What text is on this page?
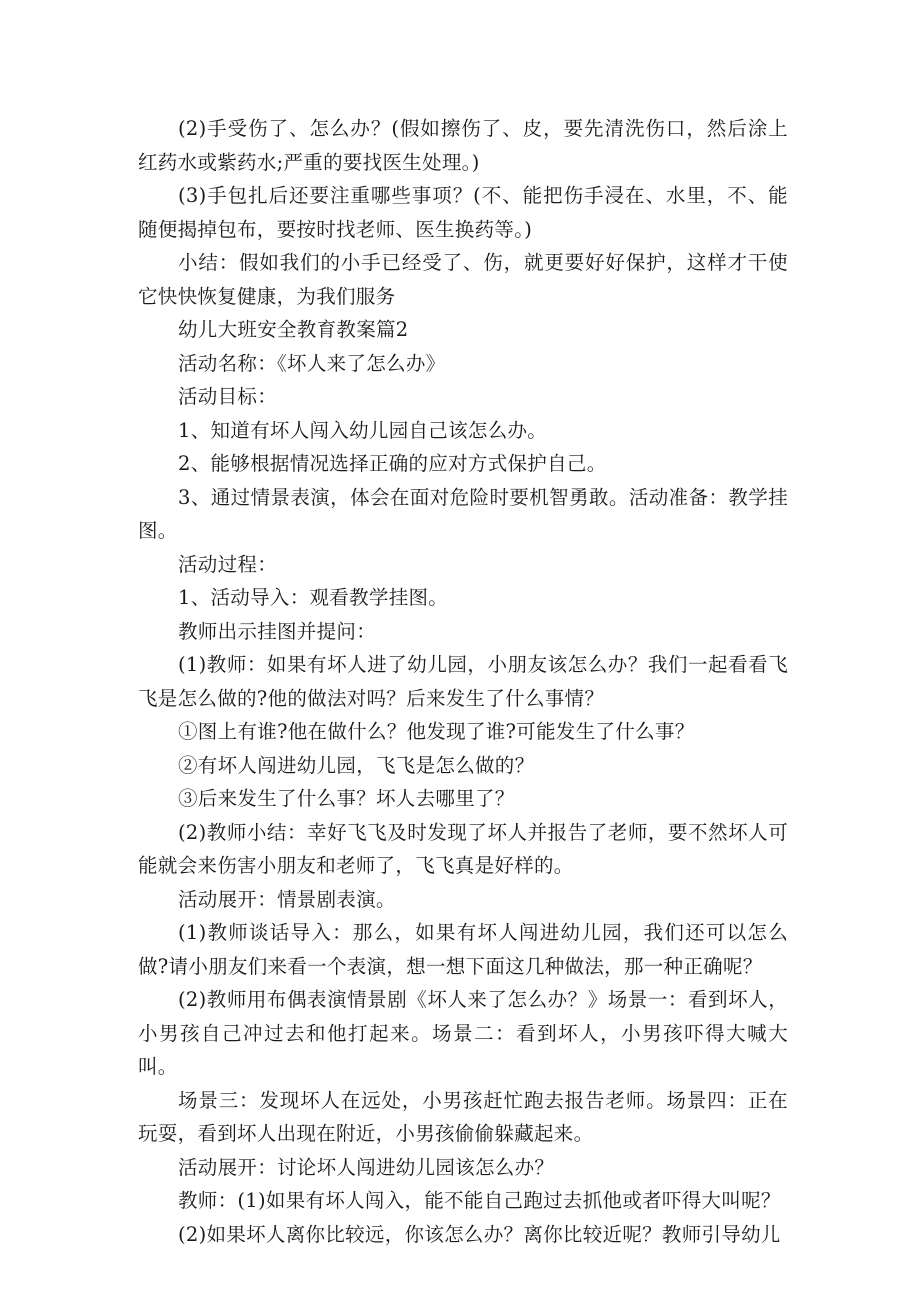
(2)手受伤了、怎么办？(假如擦伤了、皮，要先清洗伤口，然后涂上红药水或紫药水;严重的要找医生处理。)

(3)手包扎后还要注重哪些事项？(不、能把伤手浸在、水里，不、能随便揭掉包布，要按时找老师、医生换药等。)

小结：假如我们的小手已经受了、伤，就更要好好保护，这样才干使它快快恢复健康，为我们服务

幼儿大班安全教育教案篇2

活动名称：《坏人来了怎么办》

活动目标：

1、知道有坏人闯入幼儿园自己该怎么办。

2、能够根据情况选择正确的应对方式保护自己。

3、通过情景表演，体会在面对危险时要机智勇敢。活动准备：教学挂图。

活动过程：

1、活动导入：观看教学挂图。

教师出示挂图并提问：

(1)教师：如果有坏人进了幼儿园，小朋友该怎么办？我们一起看看飞飞是怎么做的?他的做法对吗？后来发生了什么事情？

①图上有谁?他在做什么？他发现了谁?可能发生了什么事？

②有坏人闯进幼儿园，飞飞是怎么做的？

③后来发生了什么事？坏人去哪里了？

(2)教师小结：幸好飞飞及时发现了坏人并报告了老师，要不然坏人可能就会来伤害小朋友和老师了，飞飞真是好样的。

活动展开：情景剧表演。

(1)教师谈话导入：那么，如果有坏人闯进幼儿园，我们还可以怎么做?请小朋友们来看一个表演，想一想下面这几种做法，那一种正确呢？

(2)教师用布偶表演情景剧《坏人来了怎么办？》场景一：看到坏人，小男孩自己冲过去和他打起来。场景二：看到坏人，小男孩吓得大喊大叫。

场景三：发现坏人在远处，小男孩赶忙跑去报告老师。场景四：正在玩耍，看到坏人出现在附近，小男孩偷偷躲藏起来。

活动展开：讨论坏人闯进幼儿园该怎么办？

教师：(1)如果有坏人闯入，能不能自己跑过去抓他或者吓得大叫呢？

(2)如果坏人离你比较远，你该怎么办？离你比较近呢？教师引导幼儿
